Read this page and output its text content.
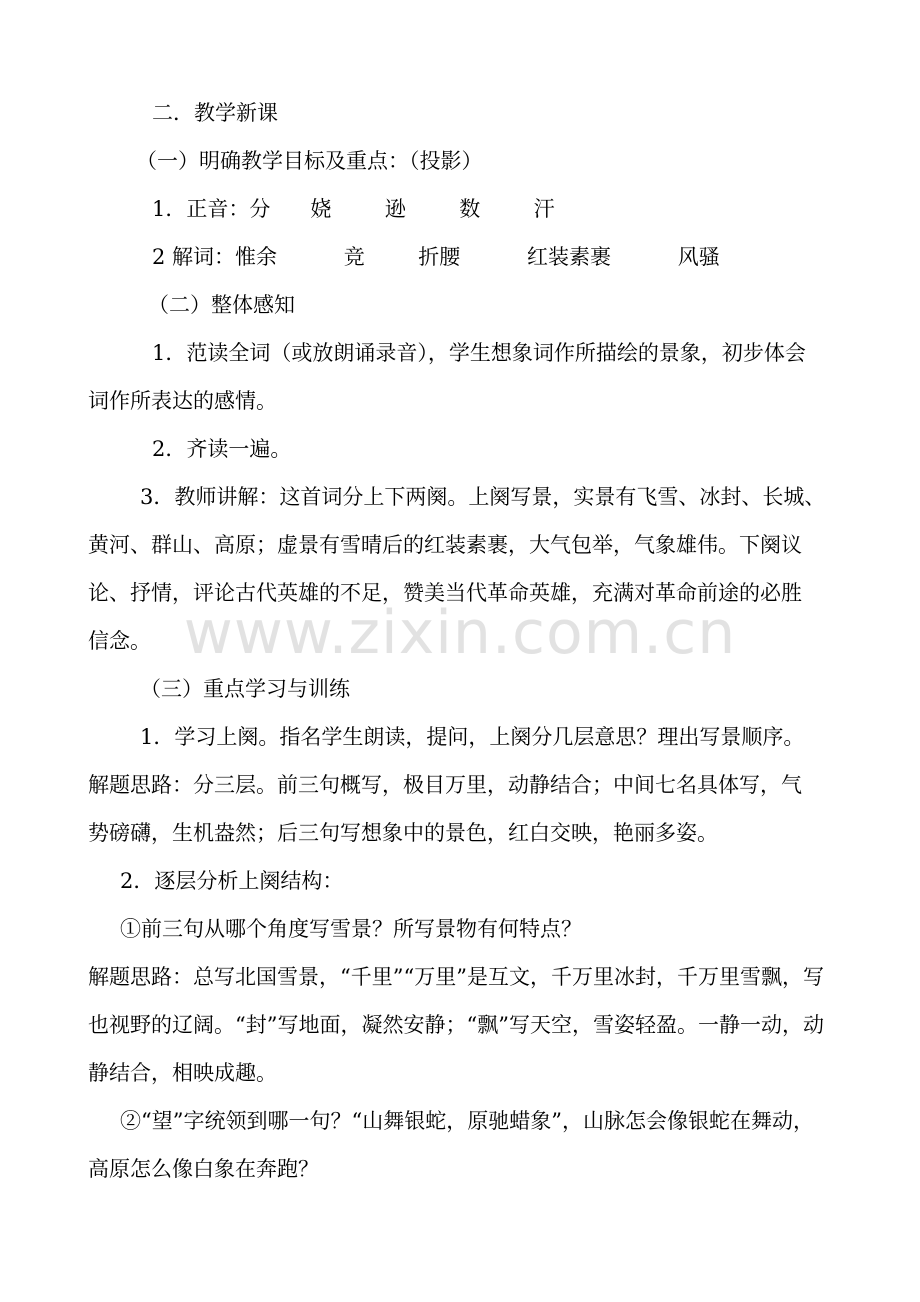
二．教学新课
（一）明确教学目标及重点：（投影）
1．正音：分      娆        逊        数        汗
2 解词：惟余          竞        折腰          红装素裹          风骚
（二）整体感知
1．范读全词（或放朗诵录音），学生想象词作所描绘的景象，初步体会
词作所表达的感情。
2．齐读一遍。
3．教师讲解：这首词分上下两阕。上阕写景，实景有飞雪、冰封、长城、
黄河、群山、高原；虚景有雪晴后的红装素裹，大气包举，气象雄伟。下阕议
论、抒情，评论古代英雄的不足，赞美当代革命英雄，充满对革命前途的必胜
信念。
（三）重点学习与训练
1．学习上阕。指名学生朗读，提问，上阕分几层意思？理出写景顺序。
解题思路：分三层。前三句概写，极目万里，动静结合；中间七名具体写，气
势磅礴，生机盎然；后三句写想象中的景色，红白交映，艳丽多姿。
2．逐层分析上阕结构：
①前三句从哪个角度写雪景？所写景物有何特点？
解题思路：总写北国雪景，“千里”“万里”是互文，千万里冰封，千万里雪飘，写
也视野的辽阔。“封”写地面，凝然安静；“飘”写天空，雪姿轻盈。一静一动，动
静结合，相映成趣。
②“望”字统领到哪一句？“山舞银蛇，原驰蜡象”，山脉怎会像银蛇在舞动，
高原怎么像白象在奔跑？
www.zixin.com.cn
